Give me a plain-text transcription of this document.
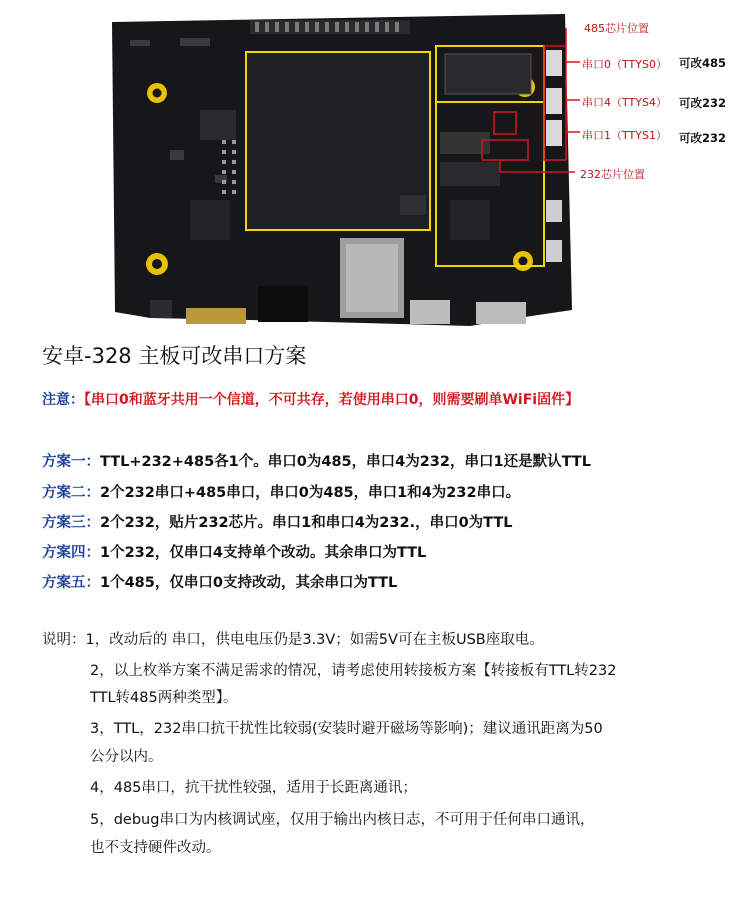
485芯片位置
串口0（TTYS0） 可改485
串口4（TTYS4） 可改232
串口1（TTYS1） 可改232
232芯片位置
安卓-328 主板可改串口方案
注意：【串口0和蓝牙共用一个信道，不可共存，若使用串口0，则需要刷单WiFi固件】
方案一：TTL+232+485各1个。串口0为485，串口4为232，串口1还是默认TTL
方案二：2个232串口+485串口，串口0为485，串口1和4为232串口。
方案三：2个232，贴片232芯片。串口1和串口4为232.，串口0为TTL
方案四：1个232，仅串口4支持单个改动。其余串口为TTL
方案五：1个485，仅串口0支持改动，其余串口为TTL
说明：1，改动后的 串口，供电电压仍是3.3V；如需5V可在主板USB座取电。
2，以上枚举方案不满足需求的情况，请考虑使用转接板方案【转接板有TTL转232
TTL转485两种类型】。
3，TTL，232串口抗干扰性比较弱(安装时避开磁场等影响)；建议通讯距离为50
公分以内。
4，485串口，抗干扰性较强，适用于长距离通讯；
5，debug串口为内核调试座，仅用于输出内核日志，不可用于任何串口通讯，
也不支持硬件改动。
